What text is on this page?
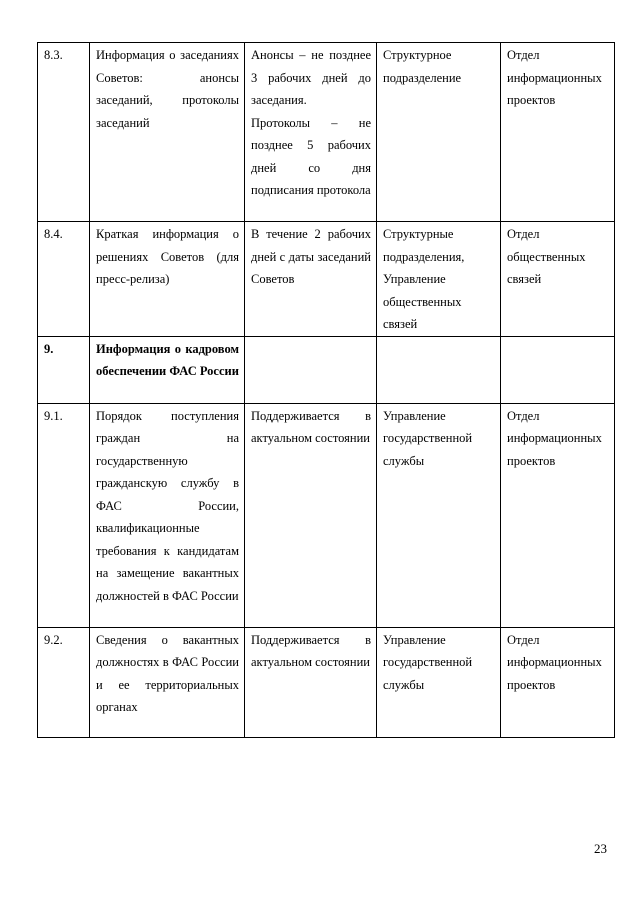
8.3.	Информация о заседаниях Советов: анонсы заседаний, протоколы заседаний	Анонсы – не позднее 3 рабочих дней до заседания.
Протоколы – не позднее 5 рабочих дней со дня подписания протокола	Структурное подразделение	Отдел информационных проектов
8.4.	Краткая информация о решениях Советов (для пресс-релиза)	В течение 2 рабочих дней с даты заседаний Советов	Структурные подразделения, Управление общественных связей	Отдел общественных связей
9.	Информация о кадровом обеспечении ФАС России			
9.1.	Порядок поступления граждан на государственную гражданскую службу в ФАС России, квалификационные требования к кандидатам на замещение вакантных должностей в ФАС России	Поддерживается в актуальном состоянии	Управление государственной службы	Отдел информационных проектов
9.2.	Сведения о вакантных должностях в ФАС России и ее территориальных органах	Поддерживается в актуальном состоянии	Управление государственной службы	Отдел информационных проектов
23
